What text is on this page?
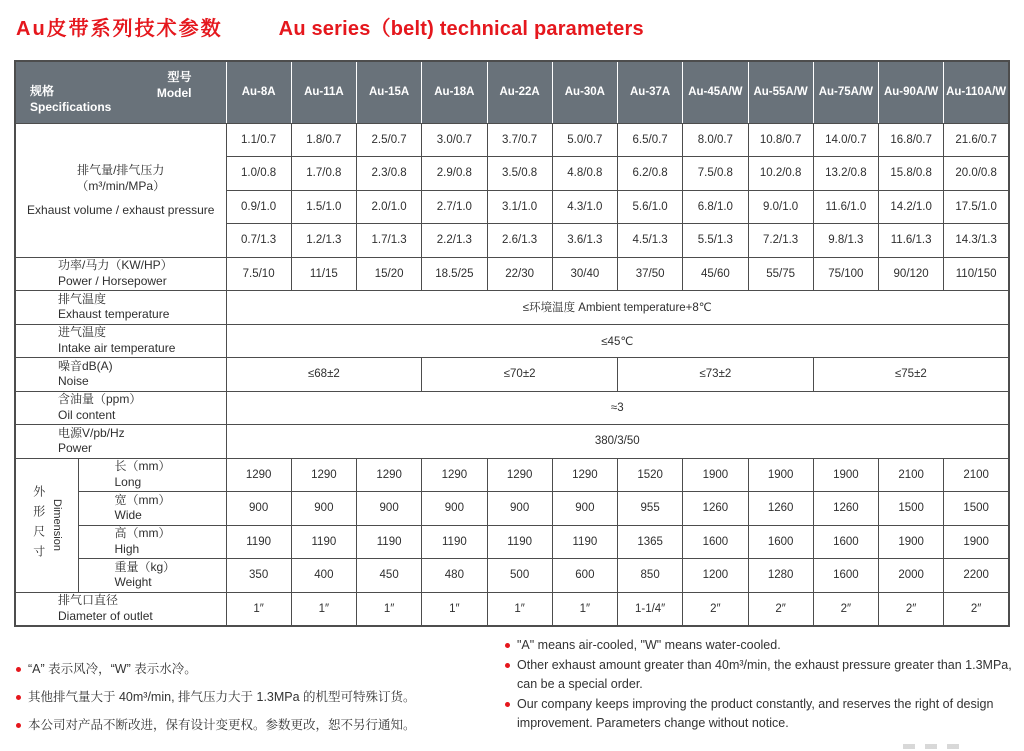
Au皮带系列技术参数	Au series（belt) technical parameters
型号
Model
规格
Specifications		Au-8A	Au-11A	Au-15A	Au-18A	Au-22A	Au-30A	Au-37A	Au-45A/W	Au-55A/W	Au-75A/W	Au-90A/W	Au-110A/W

排气量/排气压力
（m³/min/MPa）
Exhaust volume / exhaust pressure		1.1/0.7	1.8/0.7	2.5/0.7	3.0/0.7	3.7/0.7	5.0/0.7	6.5/0.7	8.0/0.7	10.8/0.7	14.0/0.7	16.8/0.7	21.6/0.7
		1.0/0.8	1.7/0.8	2.3/0.8	2.9/0.8	3.5/0.8	4.8/0.8	6.2/0.8	7.5/0.8	10.2/0.8	13.2/0.8	15.8/0.8	20.0/0.8
		0.9/1.0	1.5/1.0	2.0/1.0	2.7/1.0	3.1/1.0	4.3/1.0	5.6/1.0	6.8/1.0	9.0/1.0	11.6/1.0	14.2/1.0	17.5/1.0
		0.7/1.3	1.2/1.3	1.7/1.3	2.2/1.3	2.6/1.3	3.6/1.3	4.5/1.3	5.5/1.3	7.2/1.3	9.8/1.3	11.6/1.3	14.3/1.3

功率/马力（KW/HP）
Power / Horsepower		7.5/10	11/15	15/20	18.5/25	22/30	30/40	37/50	45/60	55/75	75/100	90/120	110/150

排气温度
Exhaust temperature		≤环境温度 Ambient temperature+8℃											

进气温度
Intake air temperature		≤45℃											

噪音dB(A)
Noise		≤68±2			≤70±2			≤73±2			≤75±2		

含油量（ppm）
Oil content		≈3											

电源V/pb/Hz
Power		380/3/50											

外形尺寸 Dimension	长（mm）
Long	1290	1290	1290	1290	1290	1290	1520	1900	1900	1900	2100	2100

	宽（mm）
Wide	900	900	900	900	900	900	955	1260	1260	1260	1500	1500

	高（mm）
High	1190	1190	1190	1190	1190	1190	1365	1600	1600	1600	1900	1900

	重量（kg）
Weight	350	400	450	480	500	600	850	1200	1280	1600	2000	2200

排气口直径
Diameter of outlet		1″	1″	1″	1″	1″	1″	1-1/4″	2″	2″	2″	2″	2″
“A” 表示风冷，“W” 表示水冷。
其他排气量大于 40m³/min, 排气压力大于 1.3MPa 的机型可特殊订货。
本公司对产品不断改进，保有设计变更权。参数更改，恕不另行通知。
"A" means air-cooled, "W" means water-cooled.
Other exhaust amount greater than 40m³/min, the exhaust pressure greater than 1.3MPa, can be a special order.
Our company keeps improving the product constantly, and reserves the right of design improvement. Parameters change without notice.
